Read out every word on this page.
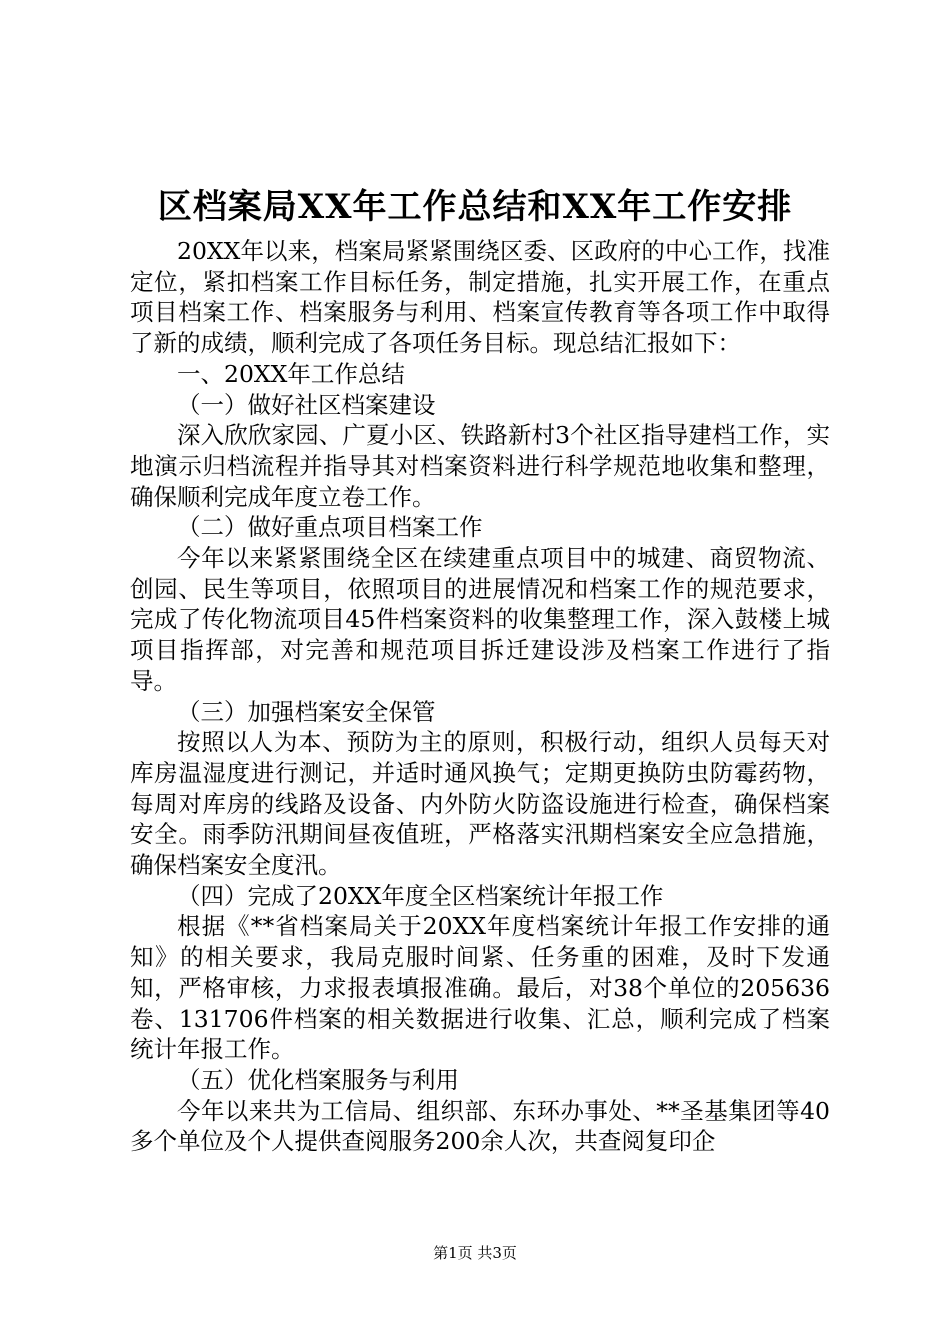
区档案局XX年工作总结和XX年工作安排

20XX年以来，档案局紧紧围绕区委、区政府的中心工作，找准定位，紧扣档案工作目标任务，制定措施，扎实开展工作，在重点项目档案工作、档案服务与利用、档案宣传教育等各项工作中取得了新的成绩，顺利完成了各项任务目标。现总结汇报如下：

一、20XX年工作总结

（一）做好社区档案建设

深入欣欣家园、广夏小区、铁路新村3个社区指导建档工作，实地演示归档流程并指导其对档案资料进行科学规范地收集和整理，确保顺利完成年度立卷工作。

（二）做好重点项目档案工作

今年以来紧紧围绕全区在续建重点项目中的城建、商贸物流、创园、民生等项目，依照项目的进展情况和档案工作的规范要求，完成了传化物流项目45件档案资料的收集整理工作，深入鼓楼上城项目指挥部，对完善和规范项目拆迁建设涉及档案工作进行了指导。

（三）加强档案安全保管

按照以人为本、预防为主的原则，积极行动，组织人员每天对库房温湿度进行测记，并适时通风换气；定期更换防虫防霉药物，每周对库房的线路及设备、内外防火防盗设施进行检查，确保档案安全。雨季防汛期间昼夜值班，严格落实汛期档案安全应急措施，确保档案安全度汛。

（四）完成了20XX年度全区档案统计年报工作

根据《**省档案局关于20XX年度档案统计年报工作安排的通知》的相关要求，我局克服时间紧、任务重的困难，及时下发通知，严格审核，力求报表填报准确。最后，对38个单位的205636卷、131706件档案的相关数据进行收集、汇总，顺利完成了档案统计年报工作。

（五）优化档案服务与利用

今年以来共为工信局、组织部、东环办事处、**圣基集团等40多个单位及个人提供查阅服务200余人次，共查阅复印企

第1页 共3页
